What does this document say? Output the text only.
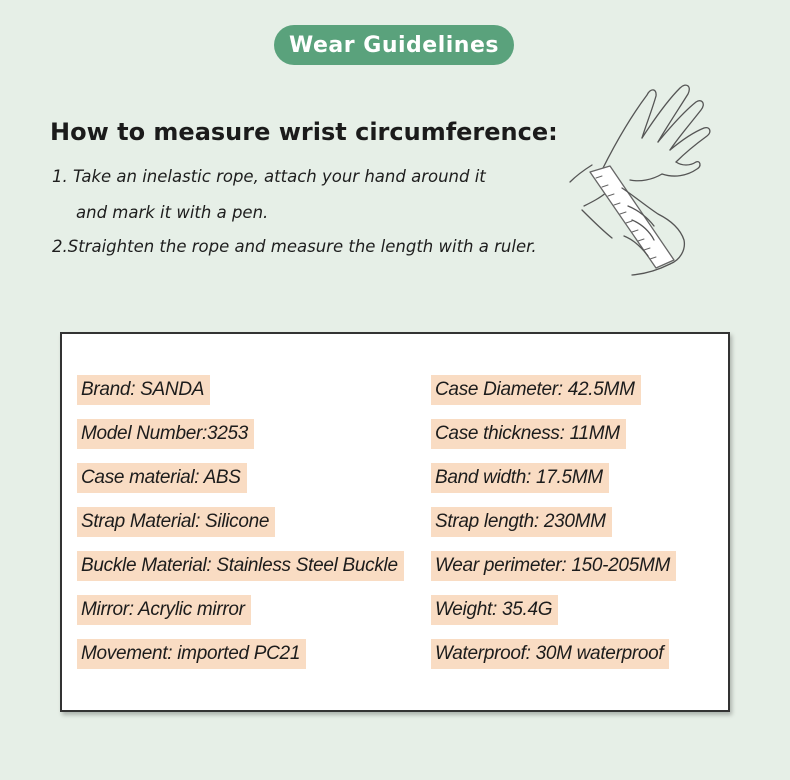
Wear Guidelines
How to measure wrist circumference:
1. Take an inelastic rope, attach your hand around it
and mark it with a pen.
2.Straighten the rope and measure the length with a ruler.
Brand: SANDA
Model Number:3253
Case material: ABS
Strap Material: Silicone
Buckle Material: Stainless Steel Buckle
Mirror: Acrylic mirror
Movement: imported PC21
Case Diameter: 42.5MM
Case thickness: 11MM
Band width: 17.5MM
Strap length: 230MM
Wear perimeter: 150-205MM
Weight: 35.4G
Waterproof: 30M waterproof
